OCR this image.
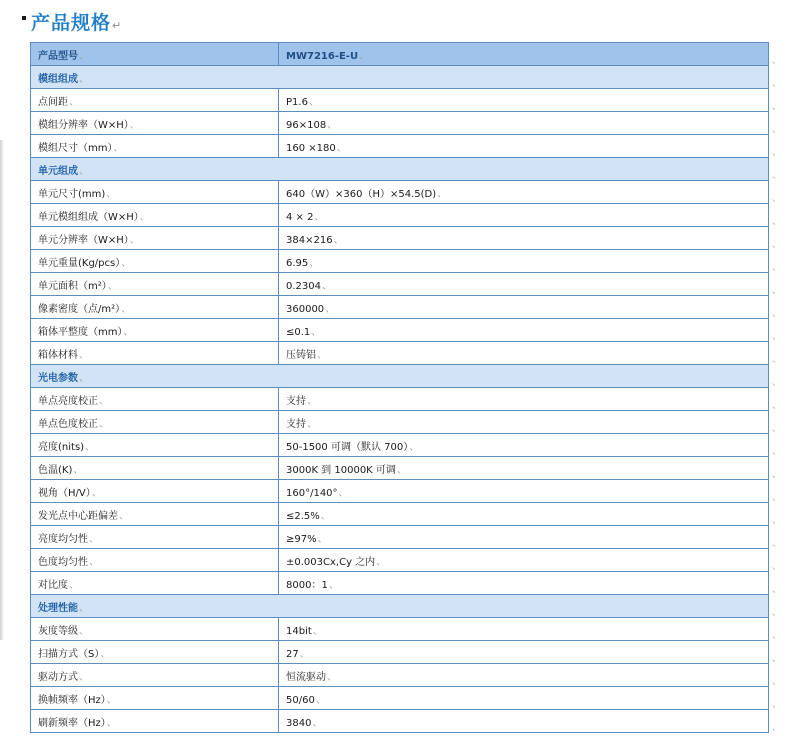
产品规格 ↵
产品型号、	MW7216-E-U、
模组组成、	
点间距、	P1.6、
模组分辨率（W×H）、	96×108、
模组尺寸（mm）、	160 ×180、
单元组成、	
单元尺寸(mm)、	640（W）×360（H）×54.5(D)、
单元模组组成（W×H）、	4 × 2、
单元分辨率（W×H）、	384×216、
单元重量(Kg/pcs）、	6.95、
单元面积（m²）、	0.2304、
像素密度（点/m²）、	360000、
箱体平整度（mm）、	≤0.1、
箱体材料、	压铸铝、
光电参数、	
单点亮度校正、	支持、
单点色度校正、	支持、
亮度(nits)、	50-1500 可调（默认 700）、
色温(K)、	3000K 到 10000K 可调、
视角（H/V）、	160°/140°、
发光点中心距偏差、	≤2.5%、
亮度均匀性、	≥97%、
色度均匀性、	±0.003Cx,Cy 之内、
对比度、	8000：1、
处理性能、	
灰度等级、	14bit、
扫描方式（S）、	27、
驱动方式、	恒流驱动、
换帧频率（Hz）、	50/60、
刷新频率（Hz）、	3840、
、
、
、
、
、
、
、
、
、
、
、
、
、
、
、
、
、
、
、
、
、
、
、
、
、
、
、
、
、
、
